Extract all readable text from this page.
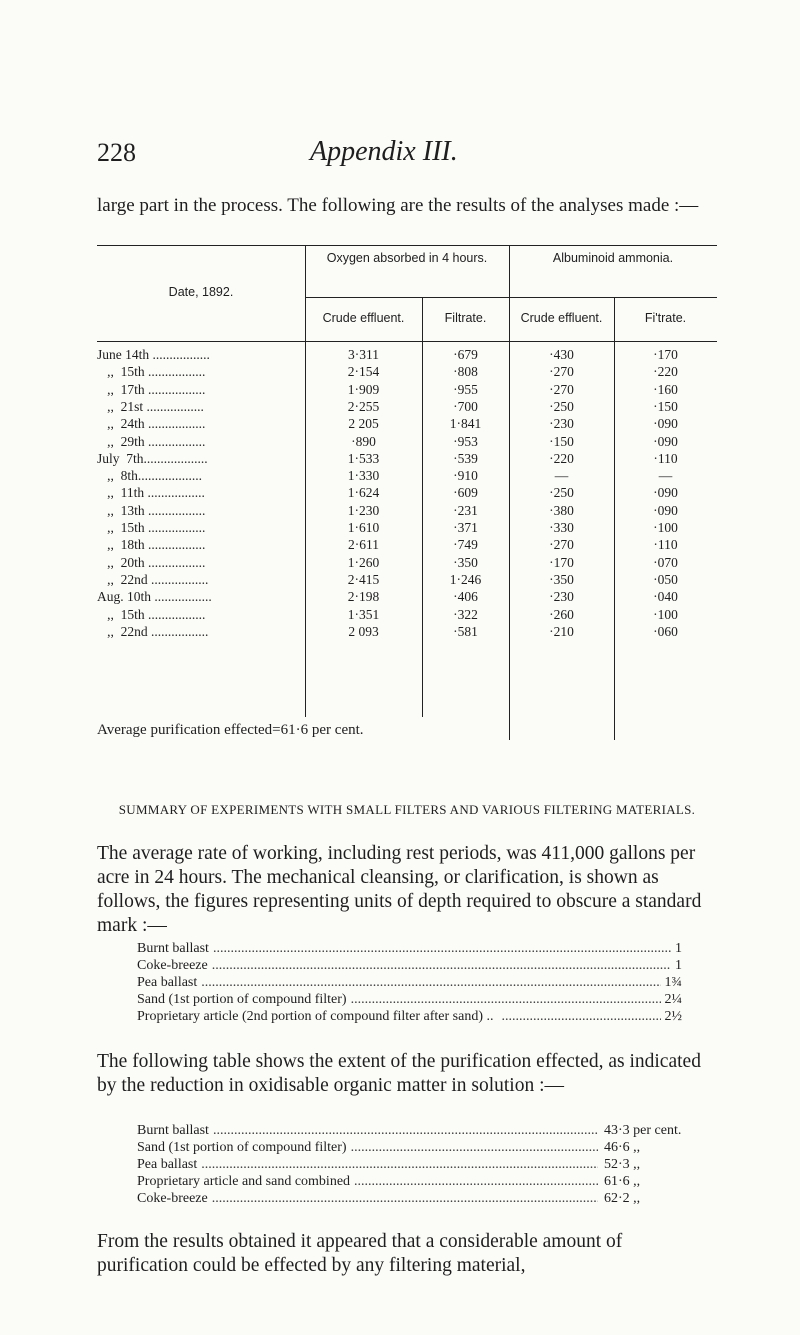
228	Appendix III.
large part in the process. The following are the results of the analyses made :—
Date, 1892.
Oxygen absorbed in 4 hours.	Albuminoid ammonia.
Crude effluent.	Filtrate.	Crude effluent.	Fi'trate.
June 14th .................	3·311	·679	·430	·170
,,  15th .................	2·154	·808	·270	·220
,,  17th .................	1·909	·955	·270	·160
,,  21st .................	2·255	·700	·250	·150
,,  24th .................	2 205	1·841	·230	·090
,,  29th .................	·890	·953	·150	·090
July  7th...................	1·533	·539	·220	·110
,,  8th...................	1·330	·910	—	—
,,  11th .................	1·624	·609	·250	·090
,,  13th .................	1·230	·231	·380	·090
,,  15th .................	1·610	·371	·330	·100
,,  18th .................	2·611	·749	·270	·110
,,  20th .................	1·260	·350	·170	·070
,,  22nd .................	2·415	1·246	·350	·050
Aug. 10th .................	2·198	·406	·230	·040
,,  15th .................	1·351	·322	·260	·100
,,  22nd .................	2 093	·581	·210	·060
Average purification effected=61·6 per cent.
SUMMARY OF EXPERIMENTS WITH SMALL FILTERS AND VARIOUS FILTERING MATERIALS.
The average rate of working, including rest periods, was 411,000 gallons per acre in 24 hours. The mechanical cleansing, or clarification, is shown as follows, the figures representing units of depth required to obscure a standard mark :—
Burnt ballast .....	1
Coke-breeze .....	1
Pea ballast .....	1¾
Sand (1st portion of compound filter) .....	2¼
Proprietary article (2nd portion of compound filter after sand) .. .....	2½
The following table shows the extent of the purification effected, as indicated by the reduction in oxidisable organic matter in solution :—
Burnt ballast .....	43·3 per cent.
Sand (1st portion of compound filter) .....	46·6 ,,
Pea ballast .....	52·3 ,,
Proprietary article and sand combined .....	61·6 ,,
Coke-breeze .....	62·2 ,,
From the results obtained it appeared that a considerable amount of purification could be effected by any filtering material,
